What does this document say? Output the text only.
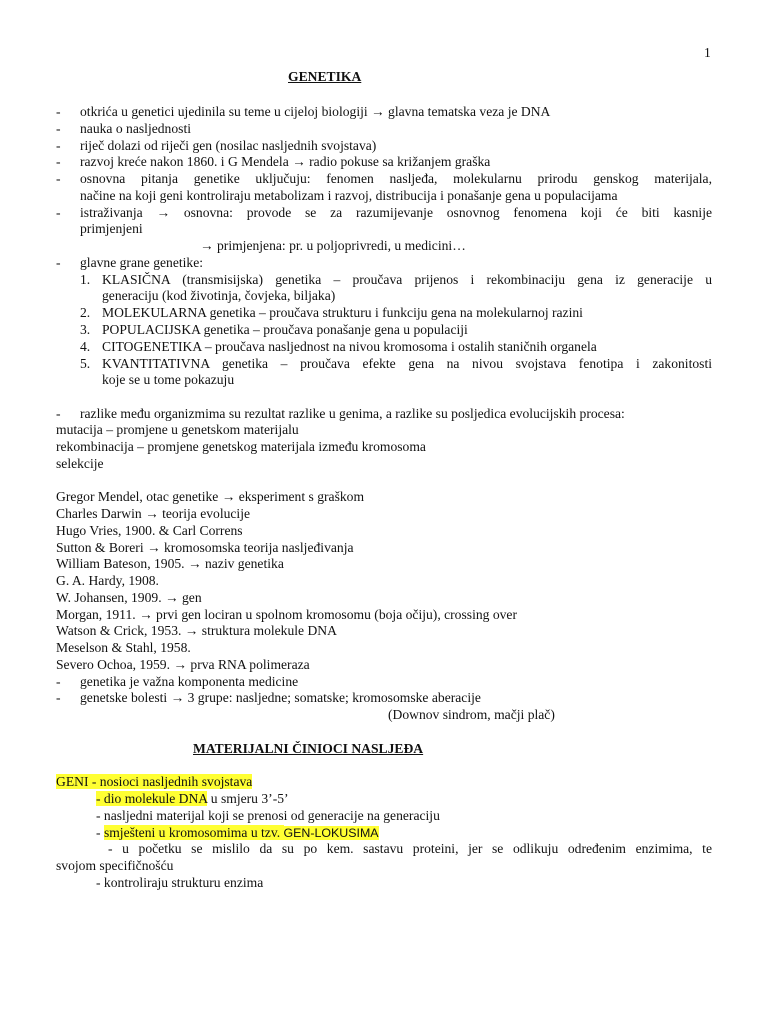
1
GENETIKA
- otkrića u genetici ujedinila su teme u cijeloj biologiji → glavna tematska veza je DNA
- nauka o nasljednosti
- riječ dolazi od riječi gen (nosilac nasljednih svojstava)
- razvoj kreće nakon 1860. i G Mendela → radio pokuse sa križanjem graška
- osnovna pitanja genetike uključuju: fenomen nasljeđa, molekularnu prirodu genskog materijala,
načine na koji geni kontroliraju metabolizam i razvoj, distribucija i ponašanje gena u populacijama
- istraživanja → osnovna: provode se za razumijevanje osnovnog fenomena koji će biti kasnije
primjenjeni
→ primjenjena: pr. u poljoprivredi, u medicini…
- glavne grane genetike:
1. KLASIČNA (transmisijska) genetika – proučava prijenos i rekombinaciju gena iz generacije u
generaciju (kod životinja, čovjeka, biljaka)
2. MOLEKULARNA genetika – proučava strukturu i funkciju gena na molekularnoj razini
3. POPULACIJSKA genetika – proučava ponašanje gena u populaciji
4. CITOGENETIKA – proučava nasljednost na nivou kromosoma i ostalih staničnih organela
5. KVANTITATIVNA genetika – proučava efekte gena na nivou svojstava fenotipa i zakonitosti
koje se u tome pokazuju
- razlike među organizmima su rezultat razlike u genima, a razlike su posljedica evolucijskih procesa:
mutacija – promjene u genetskom materijalu
rekombinacija – promjene genetskog materijala između kromosoma
selekcije
Gregor Mendel, otac genetike → eksperiment s graškom
Charles Darwin → teorija evolucije
Hugo Vries, 1900. & Carl Correns
Sutton & Boreri → kromosomska teorija nasljeđivanja
William Bateson, 1905. → naziv genetika
G. A. Hardy, 1908.
W. Johansen, 1909. → gen
Morgan, 1911. → prvi gen lociran u spolnom kromosomu (boja očiju), crossing over
Watson & Crick, 1953. → struktura molekule DNA
Meselson & Stahl, 1958.
Severo Ochoa, 1959. → prva RNA polimeraza
- genetika je važna komponenta medicine
- genetske bolesti → 3 grupe: nasljedne; somatske; kromosomske aberacije
(Downov sindrom, mačji plač)
MATERIJALNI ČINIOCI NASLJEĐA
GENI - nosioci nasljednih svojstava
- dio molekule DNA u smjeru 3’-5’
- nasljedni materijal koji se prenosi od generacije na generaciju
- smješteni u kromosomima u tzv. GEN-LOKUSIMA
- u početku se mislilo da su po kem. sastavu proteini, jer se odlikuju određenim enzimima, te
svojom specifičnošću
- kontroliraju strukturu enzima
